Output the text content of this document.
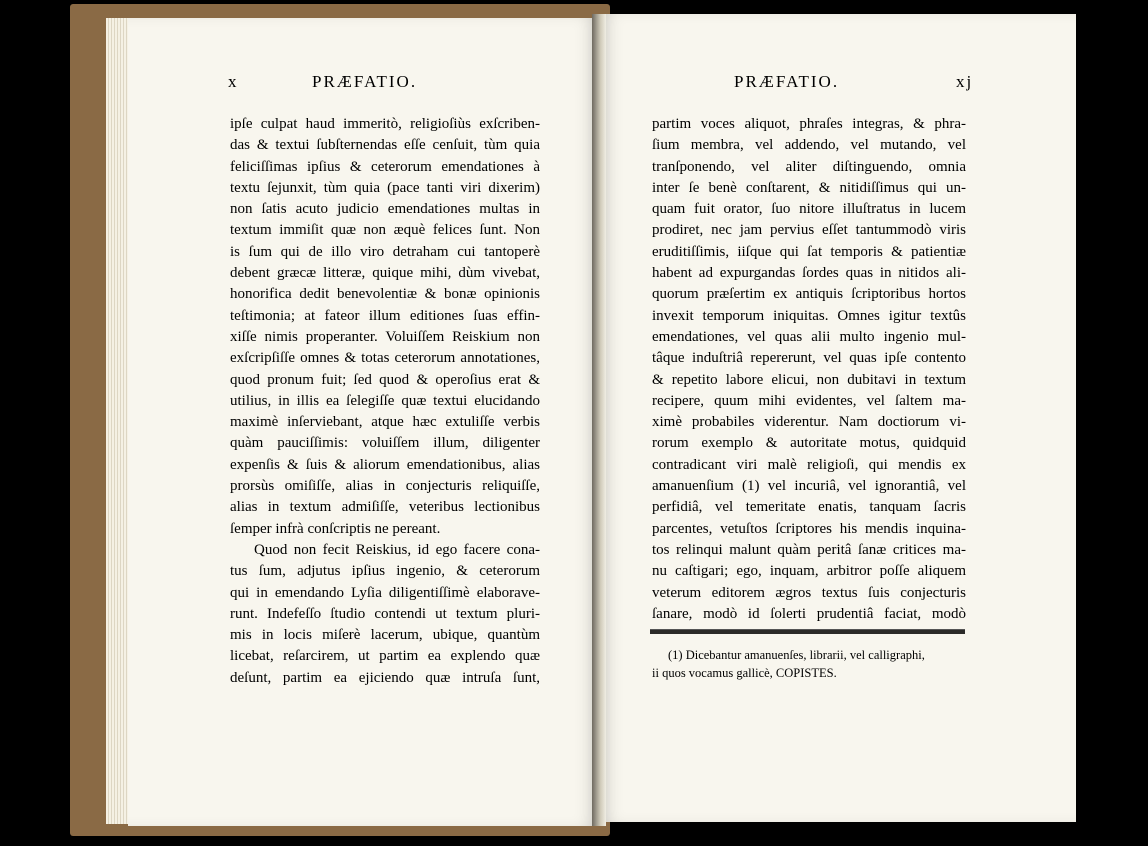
x	PRÆFATIO.	PRÆFATIO.	xj
ipſe culpat haud immeritò, religioſiùs exſcriben-
das & textui ſubſternendas eſſe cenſuit, tùm quia
feliciſſimas ipſius & ceterorum emendationes à
textu ſejunxit, tùm quia (pace tanti viri dixerim)
non ſatis acuto judicio emendationes multas in
textum immiſit quæ non æquè felices ſunt. Non
is ſum qui de illo viro detraham cui tantoperè
debent græcæ litteræ, quique mihi, dùm vivebat,
honorifica dedit benevolentiæ & bonæ opinionis
teſtimonia; at fateor illum editiones ſuas effin-
xiſſe nimis properanter. Voluiſſem Reiskium non
exſcripſiſſe omnes & totas ceterorum annotationes,
quod pronum fuit; ſed quod & operoſius erat &
utilius, in illis ea ſelegiſſe quæ textui elucidando
maximè inſerviebant, atque hæc extuliſſe verbis
quàm pauciſſimis: voluiſſem illum, diligenter
expenſis & ſuis & aliorum emendationibus, alias
prorsùs omiſiſſe, alias in conjecturis reliquiſſe,
alias in textum admiſiſſe, veteribus lectionibus
ſemper infrà conſcriptis ne pereant.
Quod non fecit Reiskius, id ego facere cona-
tus ſum, adjutus ipſius ingenio, & ceterorum
qui in emendando Lyſia diligentiſſimè elaborave-
runt. Indefeſſo ſtudio contendi ut textum pluri-
mis in locis miſerè lacerum, ubique, quantùm
licebat, reſarcirem, ut partim ea explendo quæ
deſunt, partim ea ejiciendo quæ intruſa ſunt,
partim voces aliquot, phraſes integras, & phra-
ſium membra, vel addendo, vel mutando, vel
tranſponendo, vel aliter diſtinguendo, omnia
inter ſe benè conſtarent, & nitidiſſimus qui un-
quam fuit orator, ſuo nitore illuſtratus in lucem
prodiret, nec jam pervius eſſet tantummodò viris
eruditiſſimis, iiſque qui ſat temporis & patientiæ
habent ad expurgandas ſordes quas in nitidos ali-
quorum præſertim ex antiquis ſcriptoribus hortos
invexit temporum iniquitas. Omnes igitur textûs
emendationes, vel quas alii multo ingenio mul-
tâque induſtriâ repererunt, vel quas ipſe contento
& repetito labore elicui, non dubitavi in textum
recipere, quum mihi evidentes, vel ſaltem ma-
ximè probabiles viderentur. Nam doctiorum vi-
rorum exemplo & autoritate motus, quidquid
contradicant viri malè religioſi, qui mendis ex
amanuenſium (1) vel incuriâ, vel ignorantiâ, vel
perfidiâ, vel temeritate enatis, tanquam ſacris
parcentes, vetuſtos ſcriptores his mendis inquina-
tos relinqui malunt quàm peritâ ſanæ critices ma-
nu caſtigari; ego, inquam, arbitror poſſe aliquem
veterum editorem ægros textus ſuis conjecturis
ſanare, modò id ſolerti prudentiâ faciat, modò
(1) Dicebantur amanuenſes, librarii, vel calligraphi,
ii quos vocamus gallicè, COPISTES.
